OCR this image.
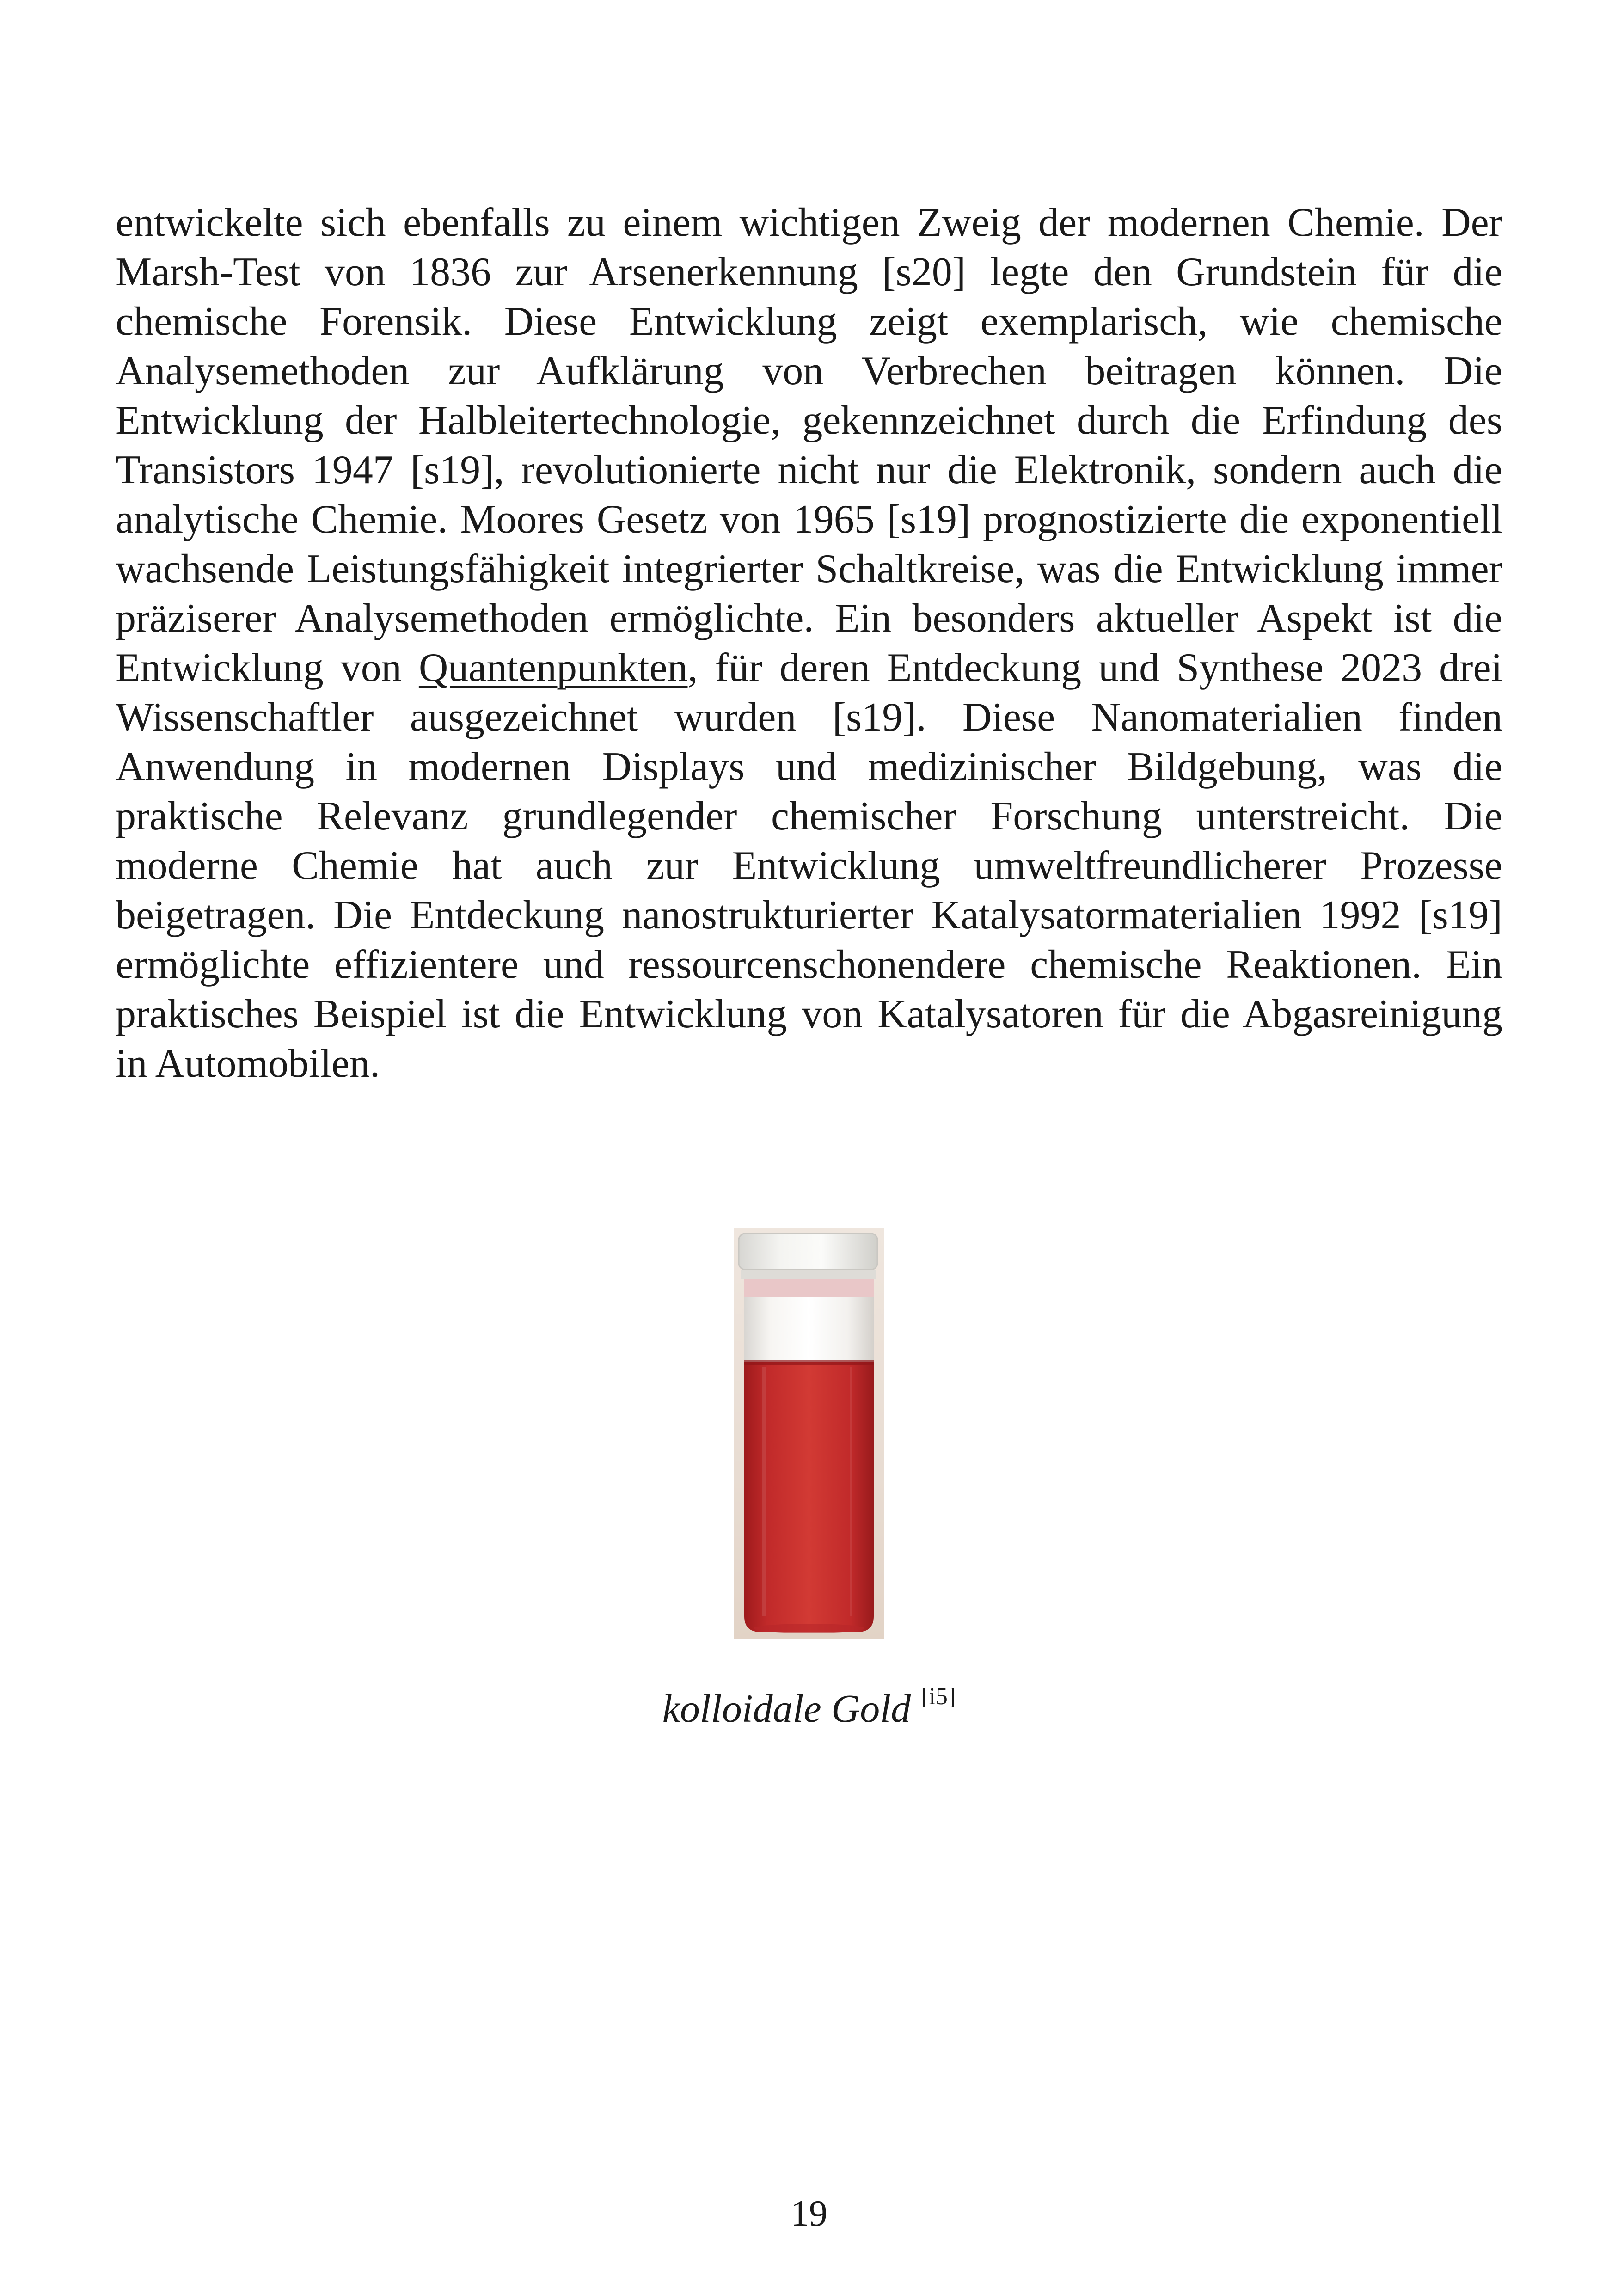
entwickelte sich ebenfalls zu einem wichtigen Zweig der modernen Chemie. Der Marsh-Test von 1836 zur Arsenerkennung [s20] legte den Grundstein für die chemische Forensik. Diese Entwicklung zeigt exemplarisch, wie chemische Analysemethoden zur Aufklärung von Verbrechen beitragen können. Die Entwicklung der Halbleitertechnologie, gekennzeichnet durch die Erfindung des Transistors 1947 [s19], revolutionierte nicht nur die Elektronik, sondern auch die analytische Chemie. Moores Gesetz von 1965 [s19] prognostizierte die exponentiell wachsende Leistungsfähigkeit integrierter Schaltkreise, was die Entwicklung immer präziserer Analysemethoden ermöglichte. Ein besonders aktueller Aspekt ist die Entwicklung von Quantenpunkten, für deren Entdeckung und Synthese 2023 drei Wissenschaftler ausgezeichnet wurden [s19]. Diese Nanomaterialien finden Anwendung in modernen Displays und medizinischer Bildgebung, was die praktische Relevanz grundlegender chemischer Forschung unterstreicht. Die moderne Chemie hat auch zur Entwicklung umweltfreundlicherer Prozesse beigetragen. Die Entdeckung nanostrukturierter Katalysatormaterialien 1992 [s19] ermöglichte effizientere und ressourcenschonendere chemische Reaktionen. Ein praktisches Beispiel ist die Entwicklung von Katalysatoren für die Abgasreinigung in Automobilen.

kolloidale Gold [i5]

19
